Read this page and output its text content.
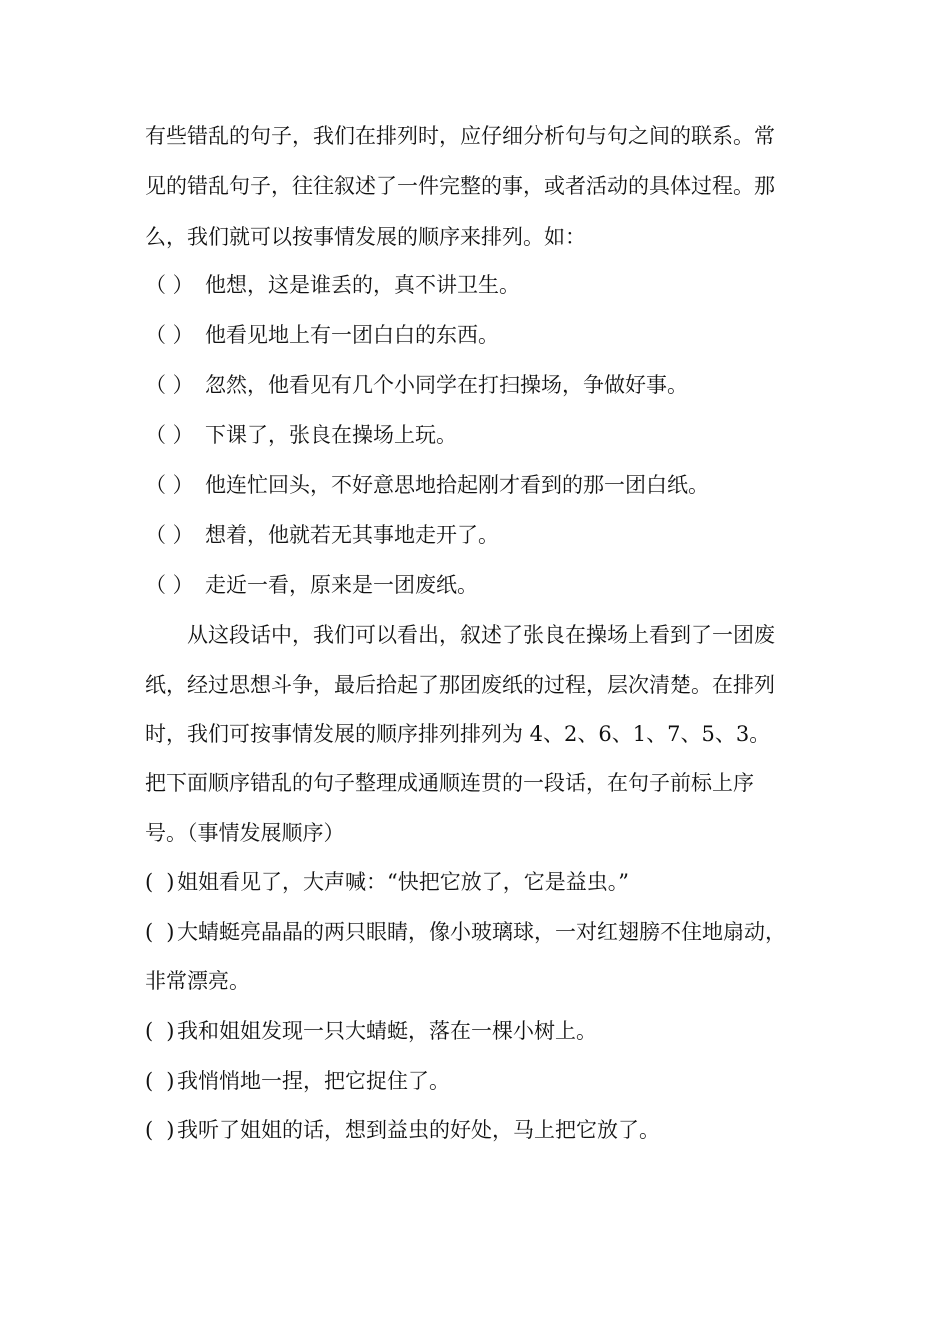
有些错乱的句子，我们在排列时，应仔细分析句与句之间的联系。常
见的错乱句子，往往叙述了一件完整的事，或者活动的具体过程。那
么，我们就可以按事情发展的顺序来排列。如：
（ ） 他想，这是谁丢的，真不讲卫生。
（ ） 他看见地上有一团白白的东西。
（ ） 忽然，他看见有几个小同学在打扫操场，争做好事。
（ ） 下课了，张良在操场上玩。
（ ） 他连忙回头，不好意思地拾起刚才看到的那一团白纸。
（ ） 想着，他就若无其事地走开了。
（ ） 走近一看，原来是一团废纸。
从这段话中，我们可以看出，叙述了张良在操场上看到了一团废
纸，经过思想斗争，最后拾起了那团废纸的过程，层次清楚。在排列
时，我们可按事情发展的顺序排列排列为 4、2、6、1、7、5、3。
把下面顺序错乱的句子整理成通顺连贯的一段话，在句子前标上序
号。（事情发展顺序）
( ) 姐姐看见了，大声喊：“快把它放了，它是益虫。”
( ) 大蜻蜓亮晶晶的两只眼睛，像小玻璃球，一对红翅膀不住地扇动，
非常漂亮。
( ) 我和姐姐发现一只大蜻蜓，落在一棵小树上。
( ) 我悄悄地一捏，把它捉住了。
( ) 我听了姐姐的话，想到益虫的好处，马上把它放了。
